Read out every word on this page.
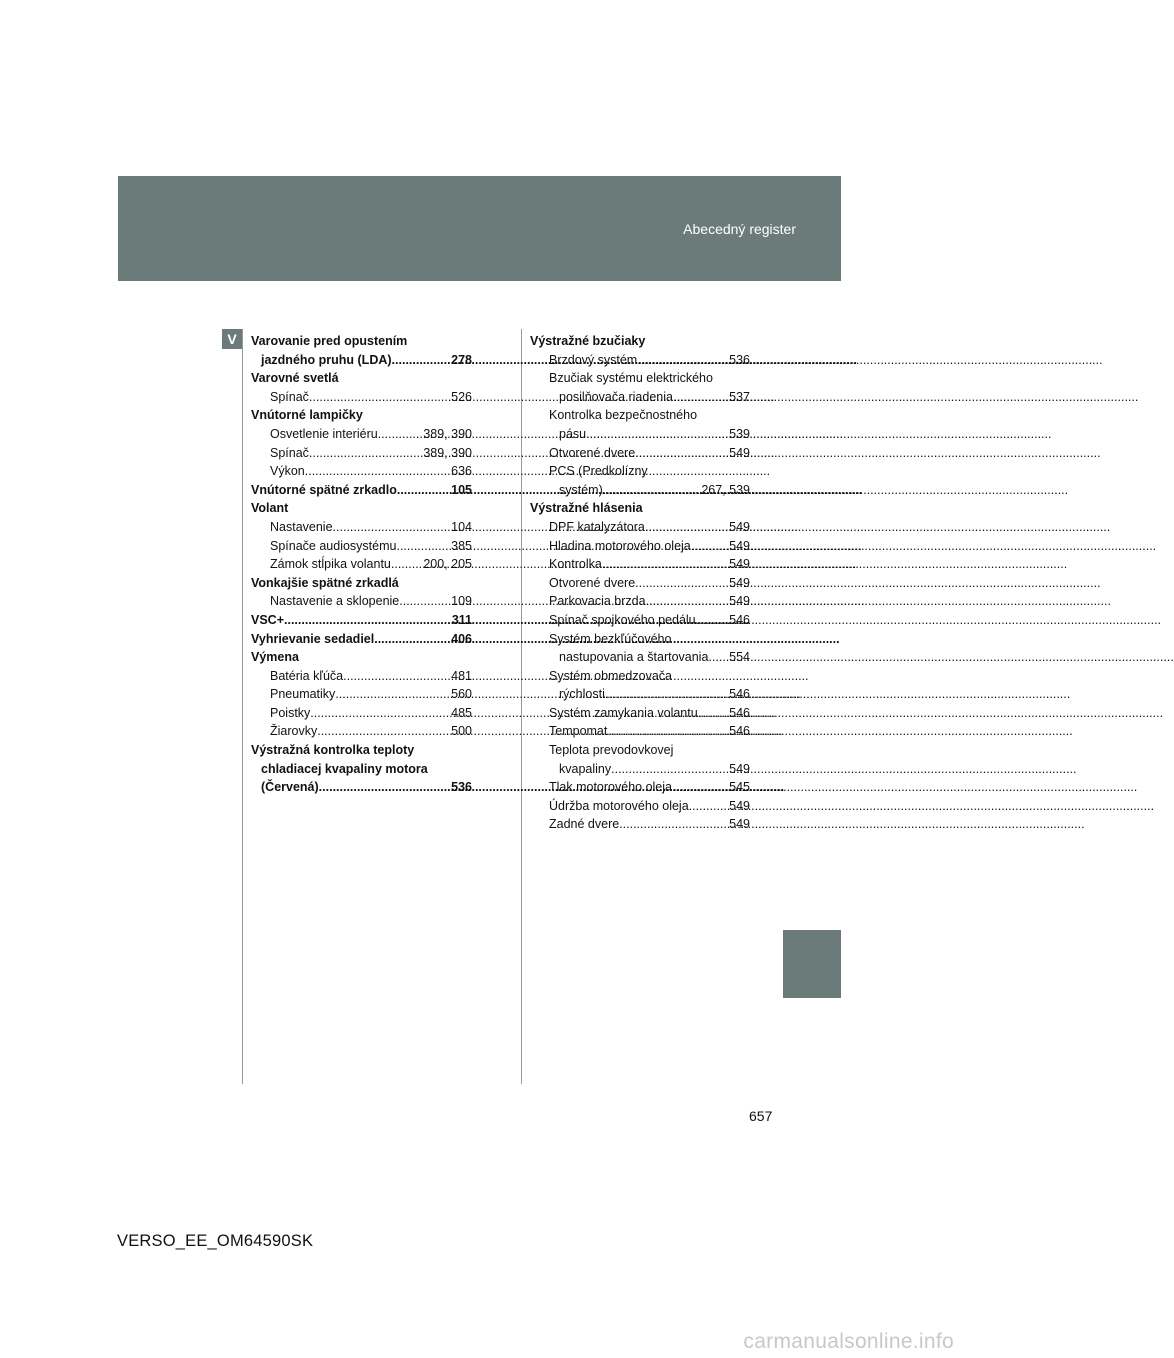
Abecedný register
V	Varovanie pred opustením
jazdného pruhu (LDA) .....	278
Varovné svetlá
Spínač .....	526
Vnútorné lampičky
Osvetlenie interiéru .....	389, 390
Spínač .....	389, 390
Výkon .....	636
Vnútorné spätné zrkadlo .....	105
Volant
Nastavenie .....	104
Spínače audiosystému .....	385
Zámok stĺpika volantu .....	200, 205
Vonkajšie spätné zrkadlá
Nastavenie a sklopenie .....	109
VSC+ .....	311
Vyhrievanie sedadiel .....	406
Výmena
Batéria kľúča .....	481
Pneumatiky .....	560
Poistky .....	485
Žiarovky .....	500
Výstražná kontrolka teploty
chladiacej kvapaliny motora
(Červená) .....	536
Výstražné bzučiaky
Brzdový systém .....	536
Bzučiak systému elektrického
posilňovača riadenia .....	537
Kontrolka bezpečnostného
pásu .....	539
Otvorené dvere .....	549
PCS (Predkolízny
systém) .....	267, 539
Výstražné hlásenia
DPF katalyzátora .....	549
Hladina motorového oleja .....	549
Kontrolka .....	549
Otvorené dvere .....	549
Parkovacia brzda .....	549
Spínač spojkového pedálu .....	546
Systém bezkľúčového
nastupovania a štartovania ..... 554
Systém obmedzovača
rýchlosti .....	546
Systém zamykania volantu .....	546
Tempomat .....	546
Teplota prevodovkovej
kvapaliny .....	549
Tlak motorového oleja .....	545
Údržba motorového oleja .....	549
Zadné dvere .....	549
657
VERSO_EE_OM64590SK
carmanualsonline.info
